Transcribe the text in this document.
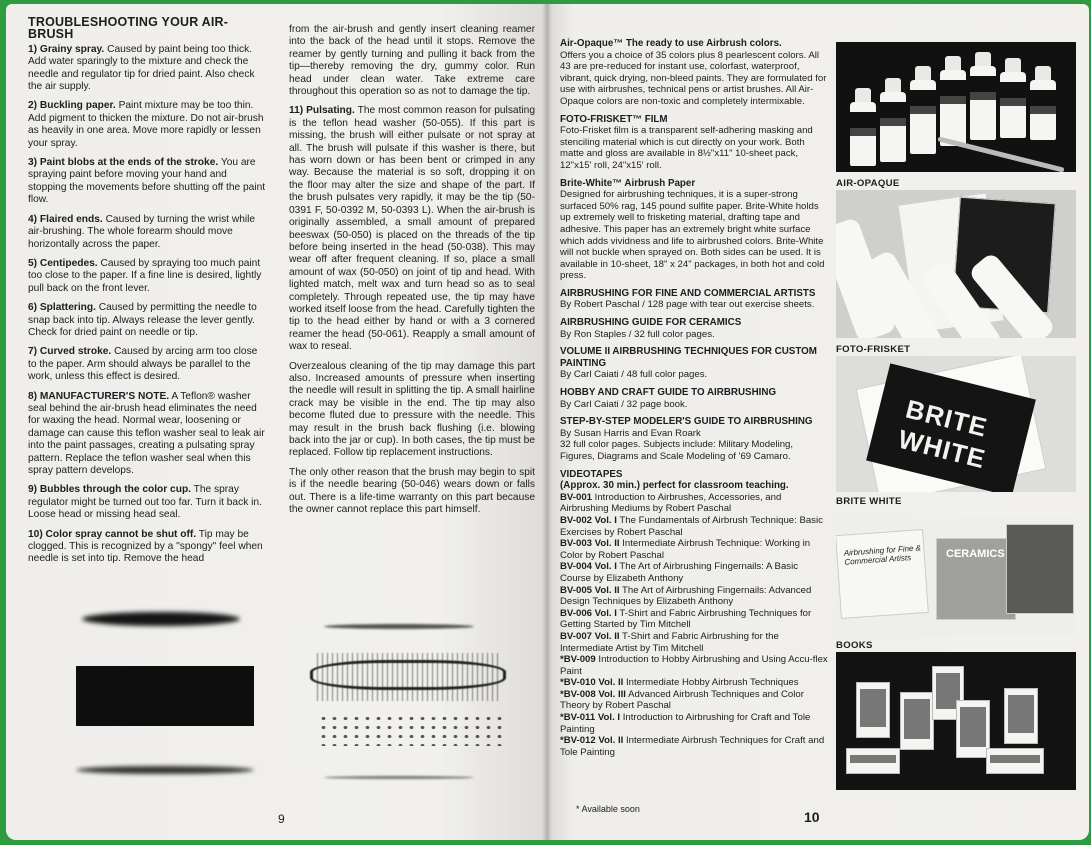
TROUBLESHOOTING YOUR AIR-BRUSH

1) Grainy spray. Caused by paint being too thick. Add water sparingly to the mixture and check the needle and regulator tip for dried paint. Also check the air supply.

2) Buckling paper. Paint mixture may be too thin. Add pigment to thicken the mixture. Do not air-brush as heavily in one area. Move more rapidly or lessen your spray.

3) Paint blobs at the ends of the stroke. You are spraying paint before moving your hand and stopping the movements before shutting off the paint flow.

4) Flaired ends. Caused by turning the wrist while air-brushing. The whole forearm should move horizontally across the paper.

5) Centipedes. Caused by spraying too much paint too close to the paper. If a fine line is desired, lightly pull back on the front lever.

6) Splattering. Caused by permitting the needle to snap back into tip. Always release the lever gently. Check for dried paint on needle or tip.

7) Curved stroke. Caused by arcing arm too close to the paper. Arm should always be parallel to the work, unless this effect is desired.

8) MANUFACTURER'S NOTE. A Teflon® washer seal behind the air-brush head eliminates the need for waxing the head. Normal wear, loosening or damage can cause this teflon washer seal to leak air into the paint passages, creating a pulsating spray pattern. Replace the teflon washer seal when this spray pattern develops.

9) Bubbles through the color cup. The spray regulator might be turned out too far. Turn it back in. Loose head or missing head seal.

10) Color spray cannot be shut off. Tip may be clogged. This is recognized by a "spongy" feel when needle is set into tip. Remove the head

from the air-brush and gently insert cleaning reamer into the back of the head until it stops. Remove the reamer by gently turning and pulling it back from the tip—thereby removing the dry, gummy color. Run head under clean water. Take extreme care throughout this operation so as not to damage the tip.

11) Pulsating. The most common reason for pulsating is the teflon head washer (50-055). If this part is missing, the brush will either pulsate or not spray at all. The brush will pulsate if this washer is there, but has worn down or has been bent or crimped in any way. Because the material is so soft, dropping it on the floor may alter the size and shape of the part. If the brush pulsates very rapidly, it may be the tip (50-0391 F, 50-0392 M, 50-0393 L). When the air-brush is originally assembled, a small amount of prepared beeswax (50-050) is placed on the threads of the tip before being inserted in the head (50-038). This may wear off after frequent cleaning. If so, place a small amount of wax (50-050) on joint of tip and head. With lighted match, melt wax and turn head so as to seal completely. Through repeated use, the tip may have worked itself loose from the head. Carefully tighten the tip to the head either by hand or with a 3 cornered reamer the head (50-061). Reapply a small amount of wax to reseal.

Overzealous cleaning of the tip may damage this part also. Increased amounts of pressure when inserting the needle will result in splitting the tip. A small hairline crack may be visible in the end. The tip may also become fluted due to pressure with the needle. This may result in the brush back flushing (i.e. blowing back into the jar or cup). In both cases, the tip must be replaced. Follow tip replacement instructions.

The only other reason that the brush may begin to spit is if the needle bearing (50-046) wears down or falls out. There is a life-time warranty on this part because the owner cannot replace this part himself.

9
Air-Opaque™ The ready to use Airbrush colors.
Offers you a choice of 35 colors plus 8 pearlescent colors. All 43 are pre-reduced for instant use, colorfast, waterproof, vibrant, quick drying, non-bleed paints. They are formulated for use with airbrushes, technical pens or artist brushes. All Air-Opaque colors are non-toxic and completely intermixable.
FOTO-FRISKET™ FILM
Foto-Frisket film is a transparent self-adhering masking and stenciling material which is cut directly on your work. Both matte and gloss are available in 8½"x11" 10-sheet pack, 12"x15' roll, 24"x15' roll.
Brite-White™ Airbrush Paper
Designed for airbrushing techniques, it is a super-strong surfaced 50% rag, 145 pound sulfite paper. Brite-White holds up extremely well to frisketing material, drafting tape and adhesive. This paper has an extremely bright white surface which adds vividness and life to airbrushed colors. Brite-White will not buckle when sprayed on. Both sides can be used. It is available in 10-sheet, 18" x 24" packages, in both hot and cold press.
AIRBRUSHING FOR FINE AND COMMERCIAL ARTISTS
By Robert Paschal / 128 page with tear out exercise sheets.
AIRBRUSHING GUIDE FOR CERAMICS
By Ron Staples / 32 full color pages.
VOLUME II AIRBRUSHING TECHNIQUES FOR CUSTOM PAINTING
By Carl Caiati / 48 full color pages.
HOBBY AND CRAFT GUIDE TO AIRBRUSHING
By Carl Caiati / 32 page book.
STEP-BY-STEP MODELER'S GUIDE TO AIRBRUSHING
By Susan Harris and Evan Roark
32 full color pages. Subjects include: Military Modeling, Figures, Diagrams and Scale Modeling of '69 Camaro.
VIDEOTAPES
(Approx. 30 min.) perfect for classroom teaching.
BV-001 Introduction to Airbrushes, Accessories, and Airbrushing Mediums by Robert Paschal
BV-002 Vol. I The Fundamentals of Airbrush Technique: Basic Exercises by Robert Paschal
BV-003 Vol. II Intermediate Airbrush Technique: Working in Color by Robert Paschal
BV-004 Vol. I The Art of Airbrushing Fingernails: A Basic Course by Elizabeth Anthony
BV-005 Vol. II The Art of Airbrushing Fingernails: Advanced Design Techniques by Elizabeth Anthony
BV-006 Vol. I T-Shirt and Fabric Airbrushing Techniques for Getting Started by Tim Mitchell
BV-007 Vol. II T-Shirt and Fabric Airbrushing for the Intermediate Artist by Tim Mitchell
*BV-009 Introduction to Hobby Airbrushing and Using Accu-flex Paint
*BV-010 Vol. II Intermediate Hobby Airbrush Techniques
*BV-008 Vol. III Advanced Airbrush Techniques and Color Theory by Robert Paschal
*BV-011 Vol. I Introduction to Airbrushing for Craft and Tole Painting
*BV-012 Vol. II Intermediate Airbrush Techniques for Craft and Tole Painting
* Available soon
AIR-OPAQUE
FOTO-FRISKET
BRITE WHITE
BRITE WHITE
Airbrushing for Fine & Commercial Artists	CERAMICS
BOOKS
10
